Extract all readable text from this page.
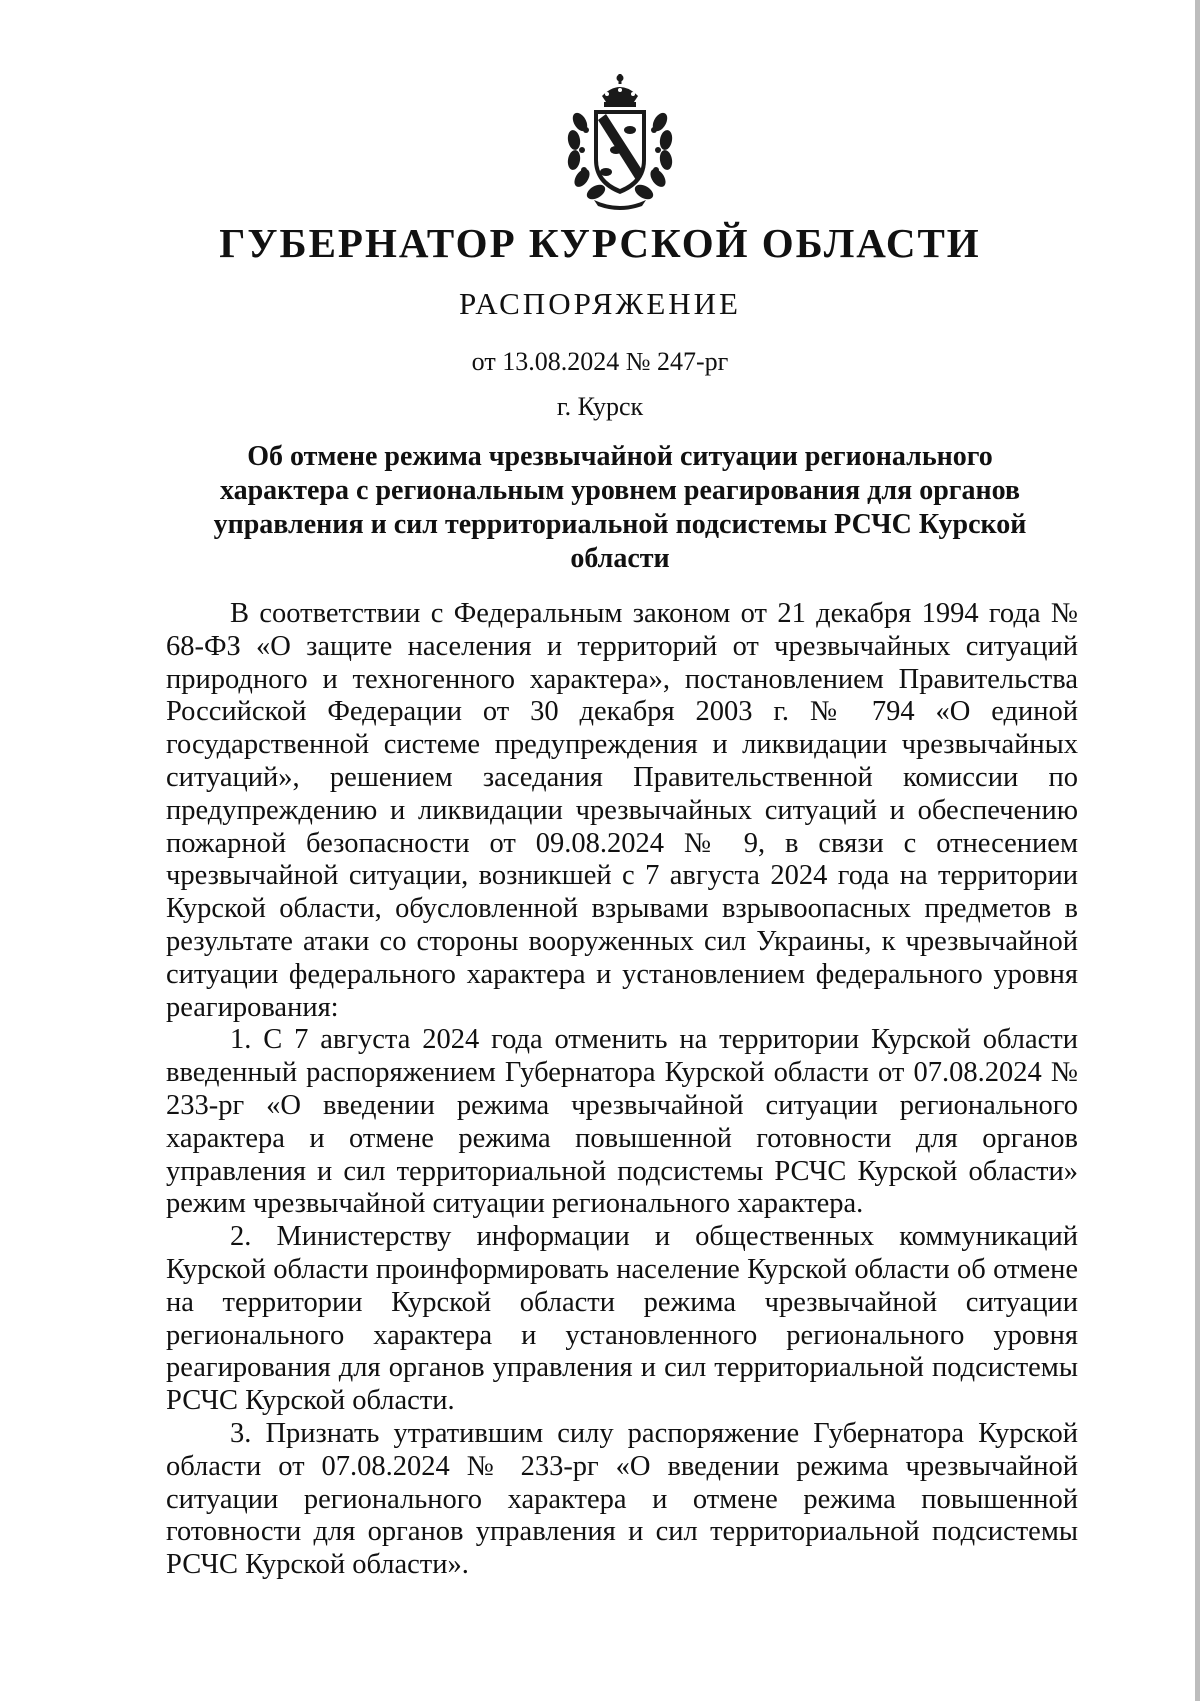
ГУБЕРНАТОР КУРСКОЙ ОБЛАСТИ
РАСПОРЯЖЕНИЕ
от 13.08.2024 № 247-рг
г. Курск
Об отмене режима чрезвычайной ситуации регионального характера с региональным уровнем реагирования для органов управления и сил территориальной подсистемы РСЧС Курской области

В соответствии с Федеральным законом от 21 декабря 1994 года № 68-ФЗ «О защите населения и территорий от чрезвычайных ситуаций природного и техногенного характера», постановлением Правительства Российской Федерации от 30 декабря 2003 г. № 794 «О единой государственной системе предупреждения и ликвидации чрезвычайных ситуаций», решением заседания Правительственной комиссии по предупреждению и ликвидации чрезвычайных ситуаций и обеспечению пожарной безопасности от 09.08.2024 № 9, в связи с отнесением чрезвычайной ситуации, возникшей с 7 августа 2024 года на территории Курской области, обусловленной взрывами взрывоопасных предметов в результате атаки со стороны вооруженных сил Украины, к чрезвычайной ситуации федерального характера и установлением федерального уровня реагирования:

1. С 7 августа 2024 года отменить на территории Курской области введенный распоряжением Губернатора Курской области от 07.08.2024 № 233-рг «О введении режима чрезвычайной ситуации регионального характера и отмене режима повышенной готовности для органов управления и сил территориальной подсистемы РСЧС Курской области» режим чрезвычайной ситуации регионального характера.

2. Министерству информации и общественных коммуникаций Курской области проинформировать население Курской области об отмене на территории Курской области режима чрезвычайной ситуации регионального характера и установленного регионального уровня реагирования для органов управления и сил территориальной подсистемы РСЧС Курской области.

3. Признать утратившим силу распоряжение Губернатора Курской области от 07.08.2024 № 233-рг «О введении режима чрезвычайной ситуации регионального характера и отмене режима повышенной готовности для органов управления и сил территориальной подсистемы РСЧС Курской области».
